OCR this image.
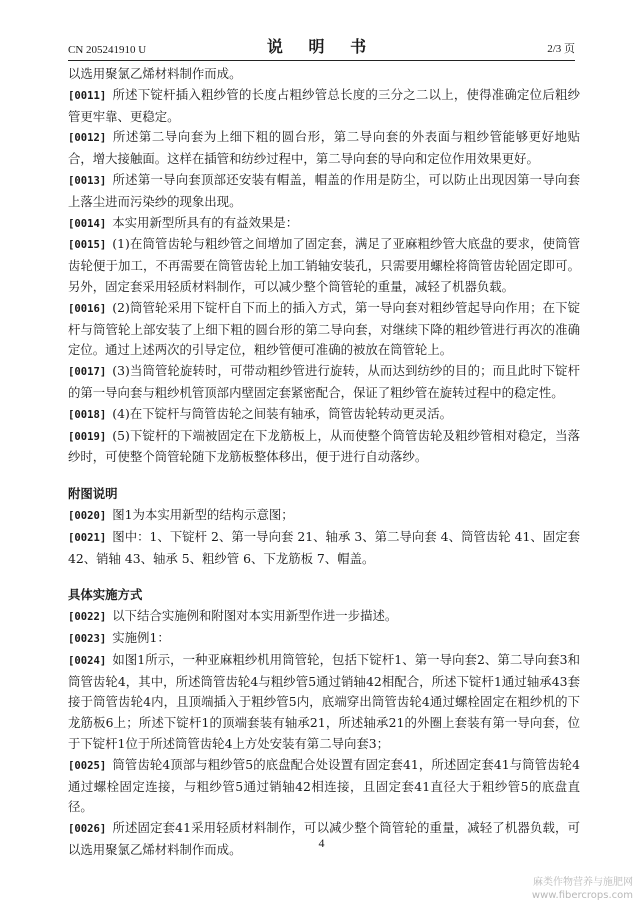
CN 205241910 U	说 明 书	2/3 页

以选用聚氯乙烯材料制作而成。

[0011] 所述下锭杆插入粗纱管的长度占粗纱管总长度的三分之二以上，使得准确定位后粗纱管更牢靠、更稳定。

[0012] 所述第二导向套为上细下粗的圆台形，第二导向套的外表面与粗纱管能够更好地贴合，增大接触面。这样在插管和纺纱过程中，第二导向套的导向和定位作用效果更好。

[0013] 所述第一导向套顶部还安装有帽盖，帽盖的作用是防尘，可以防止出现因第一导向套上落尘进而污染纱的现象出现。

[0014] 本实用新型所具有的有益效果是：

[0015] (1)在筒管齿轮与粗纱管之间增加了固定套，满足了亚麻粗纱管大底盘的要求，使筒管齿轮便于加工，不再需要在筒管齿轮上加工销轴安装孔，只需要用螺栓将筒管齿轮固定即可。另外，固定套采用轻质材料制作，可以减少整个筒管轮的重量，减轻了机器负载。

[0016] (2)筒管轮采用下锭杆自下而上的插入方式，第一导向套对粗纱管起导向作用；在下锭杆与筒管轮上部安装了上细下粗的圆台形的第二导向套，对继续下降的粗纱管进行再次的准确定位。通过上述两次的引导定位，粗纱管便可准确的被放在筒管轮上。

[0017] (3)当筒管轮旋转时，可带动粗纱管进行旋转，从而达到纺纱的目的；而且此时下锭杆的第一导向套与粗纱机管顶部内壁固定套紧密配合，保证了粗纱管在旋转过程中的稳定性。

[0018] (4)在下锭杆与筒管齿轮之间装有轴承，筒管齿轮转动更灵活。

[0019] (5)下锭杆的下端被固定在下龙筋板上，从而使整个筒管齿轮及粗纱管相对稳定，当落纱时，可使整个筒管轮随下龙筋板整体移出，便于进行自动落纱。

附图说明

[0020] 图1为本实用新型的结构示意图；

[0021] 图中：1、下锭杆 2、第一导向套 21、轴承 3、第二导向套 4、筒管齿轮 41、固定套 42、销轴 43、轴承 5、粗纱管 6、下龙筋板 7、帽盖。

具体实施方式

[0022] 以下结合实施例和附图对本实用新型作进一步描述。

[0023] 实施例1：

[0024] 如图1所示，一种亚麻粗纱机用筒管轮，包括下锭杆1、第一导向套2、第二导向套3和筒管齿轮4，其中，所述筒管齿轮4与粗纱管5通过销轴42相配合，所述下锭杆1通过轴承43套接于筒管齿轮4内，且顶端插入于粗纱管5内，底端穿出筒管齿轮4通过螺栓固定在粗纱机的下龙筋板6上；所述下锭杆1的顶端套装有轴承21，所述轴承21的外圈上套装有第一导向套，位于下锭杆1位于所述筒管齿轮4上方处安装有第二导向套3；

[0025] 筒管齿轮4顶部与粗纱管5的底盘配合处设置有固定套41，所述固定套41与筒管齿轮4通过螺栓固定连接，与粗纱管5通过销轴42相连接，且固定套41直径大于粗纱管5的底盘直径。

[0026] 所述固定套41采用轻质材料制作，可以减少整个筒管轮的重量，减轻了机器负载，可以选用聚氯乙烯材料制作而成。	4
麻类作物营养与施肥网
www.fibercrops.com
